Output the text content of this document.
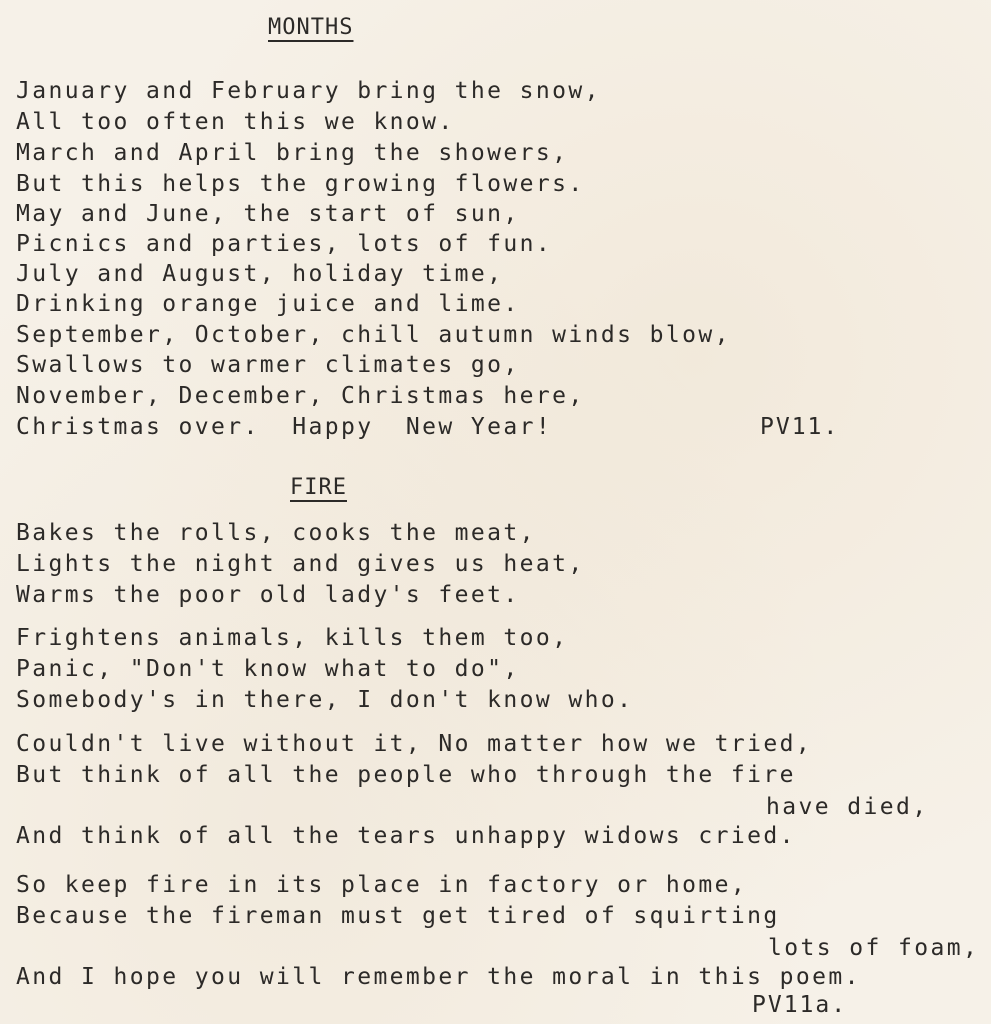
MONTHS
January and February bring the snow,
All too often this we know.
March and April bring the showers,
But this helps the growing flowers.
May and June, the start of sun,
Picnics and parties, lots of fun.
July and August, holiday time,
Drinking orange juice and lime.
September, October, chill autumn winds blow,
Swallows to warmer climates go,
November, December, Christmas here,
Christmas over.  Happy  New Year!	PV11.
FIRE
Bakes the rolls, cooks the meat,
Lights the night and gives us heat,
Warms the poor old lady's feet.
Frightens animals, kills them too,
Panic, "Don't know what to do",
Somebody's in there, I don't know who.
Couldn't live without it, No matter how we tried,
But think of all the people who through the fire
have died,
And think of all the tears unhappy widows cried.
So keep fire in its place in factory or home,
Because the fireman must get tired of squirting
lots of foam,
And I hope you will remember the moral in this poem.
PV11a.
